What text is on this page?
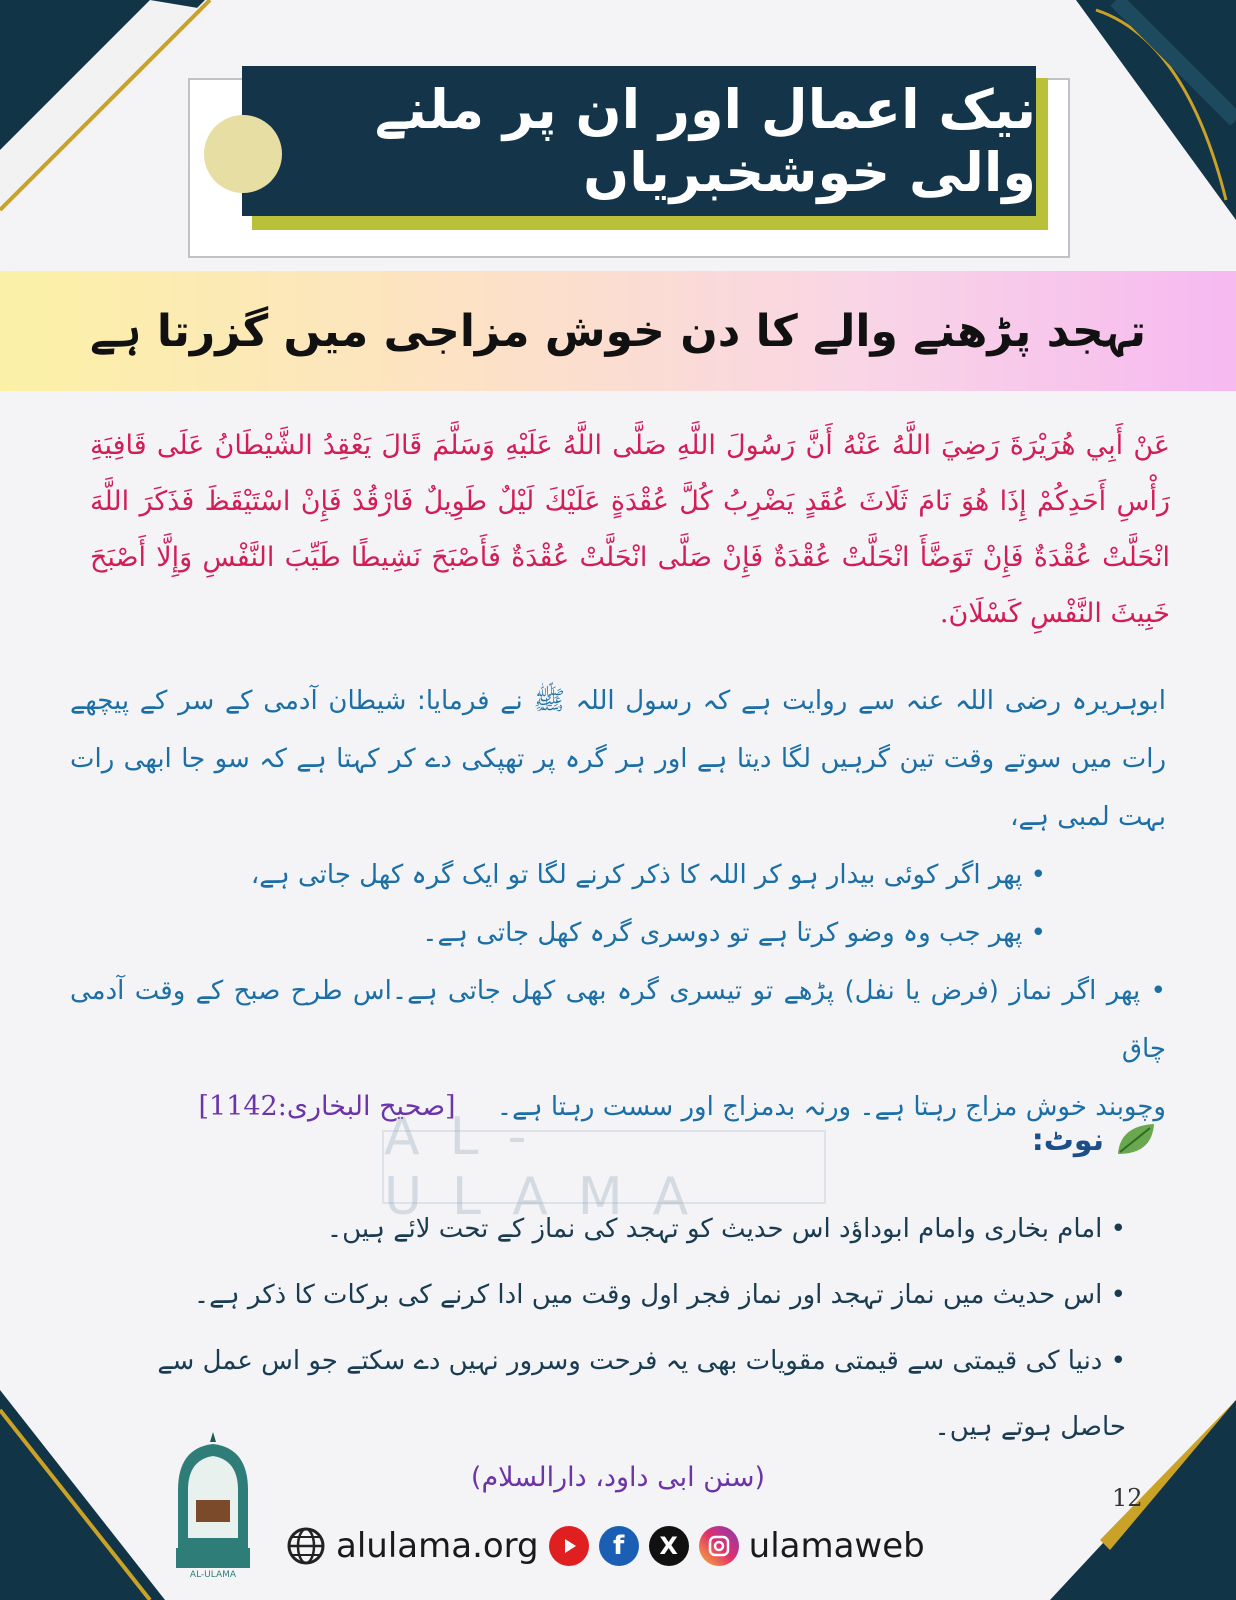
نیک اعمال اور ان پر ملنے والی خوشخبریاں
تہجد پڑھنے والے کا دن خوش مزاجی میں گزرتا ہے
عَنْ أَبِي هُرَيْرَةَ رَضِيَ اللَّهُ عَنْهُ أَنَّ رَسُولَ اللَّهِ صَلَّى اللَّهُ عَلَيْهِ وَسَلَّمَ قَالَ يَعْقِدُ الشَّيْطَانُ عَلَى قَافِيَةِ رَأْسِ أَحَدِكُمْ إِذَا هُوَ نَامَ ثَلَاثَ عُقَدٍ يَضْرِبُ كُلَّ عُقْدَةٍ عَلَيْكَ لَيْلٌ طَوِيلٌ فَارْقُدْ فَإِنْ اسْتَيْقَظَ فَذَكَرَ اللَّهَ انْحَلَّتْ عُقْدَةٌ فَإِنْ تَوَضَّأَ انْحَلَّتْ عُقْدَةٌ فَإِنْ صَلَّى انْحَلَّتْ عُقْدَةٌ فَأَصْبَحَ نَشِيطًا طَيِّبَ النَّفْسِ وَإِلَّا أَصْبَحَ خَبِيثَ النَّفْسِ كَسْلَانَ.
ابوہریرہ رضی اللہ عنہ سے روایت ہے کہ رسول اللہ ﷺ نے فرمایا: شیطان آدمی کے سر کے پیچھے رات میں سوتے وقت تین گرہیں لگا دیتا ہے اور ہر گرہ پر تھپکی دے کر کہتا ہے کہ سو جا ابھی رات بہت لمبی ہے،
• پھر اگر کوئی بیدار ہو کر اللہ کا ذکر کرنے لگا تو ایک گرہ کھل جاتی ہے،
• پھر جب وہ وضو کرتا ہے تو دوسری گرہ کھل جاتی ہے۔
• پھر اگر نماز (فرض یا نفل) پڑھے تو تیسری گرہ بھی کھل جاتی ہے۔اس طرح صبح کے وقت آدمی چاق
وچوبند خوش مزاج رہتا ہے۔ ورنہ بدمزاج اور سست رہتا ہے۔     [صحیح البخاری:1142]
AL-ULAMA
نوٹ:
• امام بخاری وامام ابوداؤد اس حدیث کو تہجد کی نماز کے تحت لائے ہیں۔
• اس حدیث میں نماز تہجد اور نماز فجر اول وقت میں ادا کرنے کی برکات کا ذکر ہے۔
• دنیا کی قیمتی سے قیمتی مقویات بھی یہ فرحت وسرور نہیں دے سکتے جو اس عمل سے حاصل ہوتے ہیں۔
(سنن ابی داود، دارالسلام)
12
AL-ULAMA
alulama.org	f X ulamaweb
